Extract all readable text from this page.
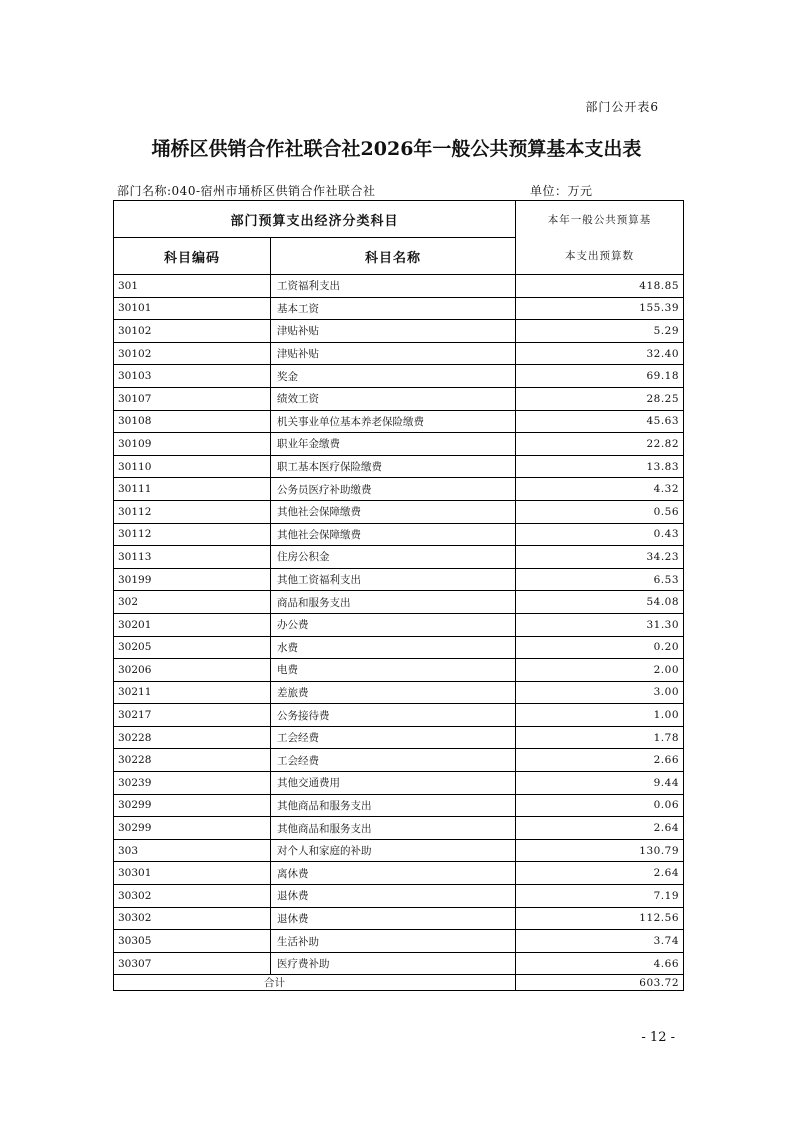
部门公开表6
埇桥区供销合作社联合社2026年一般公共预算基本支出表
部门名称:040-宿州市埇桥区供销合作社联合社	单位：万元
部门预算支出经济分类科目		本年一般公共预算基
本支出预算数

科目编码	科目名称	
301	工资福利支出	418.85
30101	基本工资	155.39
30102	津贴补贴	5.29
30102	津贴补贴	32.40
30103	奖金	69.18
30107	绩效工资	28.25
30108	机关事业单位基本养老保险缴费	45.63
30109	职业年金缴费	22.82
30110	职工基本医疗保险缴费	13.83
30111	公务员医疗补助缴费	4.32
30112	其他社会保障缴费	0.56
30112	其他社会保障缴费	0.43
30113	住房公积金	34.23
30199	其他工资福利支出	6.53
302	商品和服务支出	54.08
30201	办公费	31.30
30205	水费	0.20
30206	电费	2.00
30211	差旅费	3.00
30217	公务接待费	1.00
30228	工会经费	1.78
30228	工会经费	2.66
30239	其他交通费用	9.44
30299	其他商品和服务支出	0.06
30299	其他商品和服务支出	2.64
303	对个人和家庭的补助	130.79
30301	离休费	2.64
30302	退休费	7.19
30302	退休费	112.56
30305	生活补助	3.74
30307	医疗费补助	4.66
合计		603.72
- 12 -
